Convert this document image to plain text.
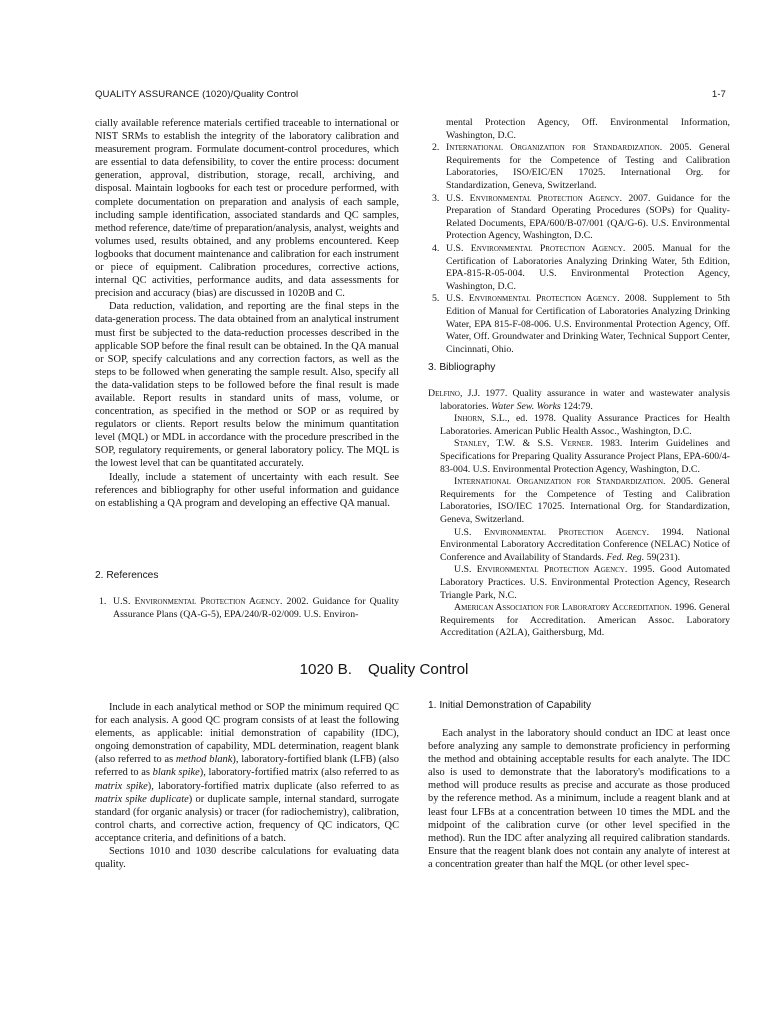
QUALITY ASSURANCE (1020)/Quality Control	1-7

cially available reference materials certified traceable to international or NIST SRMs to establish the integrity of the laboratory calibration and measurement program. Formulate document-control procedures, which are essential to data defensibility, to cover the entire process: document generation, approval, distribution, storage, recall, archiving, and disposal. Maintain logbooks for each test or procedure performed, with complete documentation on preparation and analysis of each sample, including sample identification, associated standards and QC samples, method reference, date/time of preparation/analysis, analyst, weights and volumes used, results obtained, and any problems encountered. Keep logbooks that document maintenance and calibration for each instrument or piece of equipment. Calibration procedures, corrective actions, internal QC activities, performance audits, and data assessments for precision and accuracy (bias) are discussed in 1020B and C.

Data reduction, validation, and reporting are the final steps in the data-generation process. The data obtained from an analytical instrument must first be subjected to the data-reduction processes described in the applicable SOP before the final result can be obtained. In the QA manual or SOP, specify calculations and any correction factors, as well as the steps to be followed when generating the sample result. Also, specify all the data-validation steps to be followed before the final result is made available. Report results in standard units of mass, volume, or concentration, as specified in the method or SOP or as required by regulators or clients. Report results below the minimum quantitation level (MQL) or MDL in accordance with the procedure prescribed in the SOP, regulatory requirements, or general laboratory policy. The MQL is the lowest level that can be quantitated accurately.

Ideally, include a statement of uncertainty with each result. See references and bibliography for other useful information and guidance on establishing a QA program and developing an effective QA manual.

2. References
1. U.S. Environmental Protection Agency. 2002. Guidance for Quality Assurance Plans (QA-G-5), EPA/240/R-02/009. U.S. Environ-
mental Protection Agency, Off. Environmental Information, Washington, D.C.
2. International Organization for Standardization. 2005. General Requirements for the Competence of Testing and Calibration Laboratories, ISO/EIC/EN 17025. International Org. for Standardization, Geneva, Switzerland.
3. U.S. Environmental Protection Agency. 2007. Guidance for the Preparation of Standard Operating Procedures (SOPs) for Quality-Related Documents, EPA/600/B-07/001 (QA/G-6). U.S. Environmental Protection Agency, Washington, D.C.
4. U.S. Environmental Protection Agency. 2005. Manual for the Certification of Laboratories Analyzing Drinking Water, 5th Edition, EPA-815-R-05-004. U.S. Environmental Protection Agency, Washington, D.C.
5. U.S. Environmental Protection Agency. 2008. Supplement to 5th Edition of Manual for Certification of Laboratories Analyzing Drinking Water, EPA 815-F-08-006. U.S. Environmental Protection Agency, Off. Water, Off. Groundwater and Drinking Water, Technical Support Center, Cincinnati, Ohio.
3. Bibliography

Delfino, J.J. 1977. Quality assurance in water and wastewater analysis laboratories. Water Sew. Works 124:79.

Inhorn, S.L., ed. 1978. Quality Assurance Practices for Health Laboratories. American Public Health Assoc., Washington, D.C.

Stanley, T.W. & S.S. Verner. 1983. Interim Guidelines and Specifications for Preparing Quality Assurance Project Plans, EPA-600/4-83-004. U.S. Environmental Protection Agency, Washington, D.C.

International Organization for Standardization. 2005. General Requirements for the Competence of Testing and Calibration Laboratories, ISO/IEC 17025. International Org. for Standardization, Geneva, Switzerland.

U.S. Environmental Protection Agency. 1994. National Environmental Laboratory Accreditation Conference (NELAC) Notice of Conference and Availability of Standards. Fed. Reg. 59(231).

U.S. Environmental Protection Agency. 1995. Good Automated Laboratory Practices. U.S. Environmental Protection Agency, Research Triangle Park, N.C.

American Association for Laboratory Accreditation. 1996. General Requirements for Accreditation. American Assoc. Laboratory Accreditation (A2LA), Gaithersburg, Md.

1020 B. Quality Control

Include in each analytical method or SOP the minimum required QC for each analysis. A good QC program consists of at least the following elements, as applicable: initial demonstration of capability (IDC), ongoing demonstration of capability, MDL determination, reagent blank (also referred to as method blank), laboratory-fortified blank (LFB) (also referred to as blank spike), laboratory-fortified matrix (also referred to as matrix spike), laboratory-fortified matrix duplicate (also referred to as matrix spike duplicate) or duplicate sample, internal standard, surrogate standard (for organic analysis) or tracer (for radiochemistry), calibration, control charts, and corrective action, frequency of QC indicators, QC acceptance criteria, and definitions of a batch.

Sections 1010 and 1030 describe calculations for evaluating data quality.

1. Initial Demonstration of Capability

Each analyst in the laboratory should conduct an IDC at least once before analyzing any sample to demonstrate proficiency in performing the method and obtaining acceptable results for each analyte. The IDC also is used to demonstrate that the laboratory's modifications to a method will produce results as precise and accurate as those produced by the reference method. As a minimum, include a reagent blank and at least four LFBs at a concentration between 10 times the MDL and the midpoint of the calibration curve (or other level specified in the method). Run the IDC after analyzing all required calibration standards. Ensure that the reagent blank does not contain any analyte of interest at a concentration greater than half the MQL (or other level spec-
